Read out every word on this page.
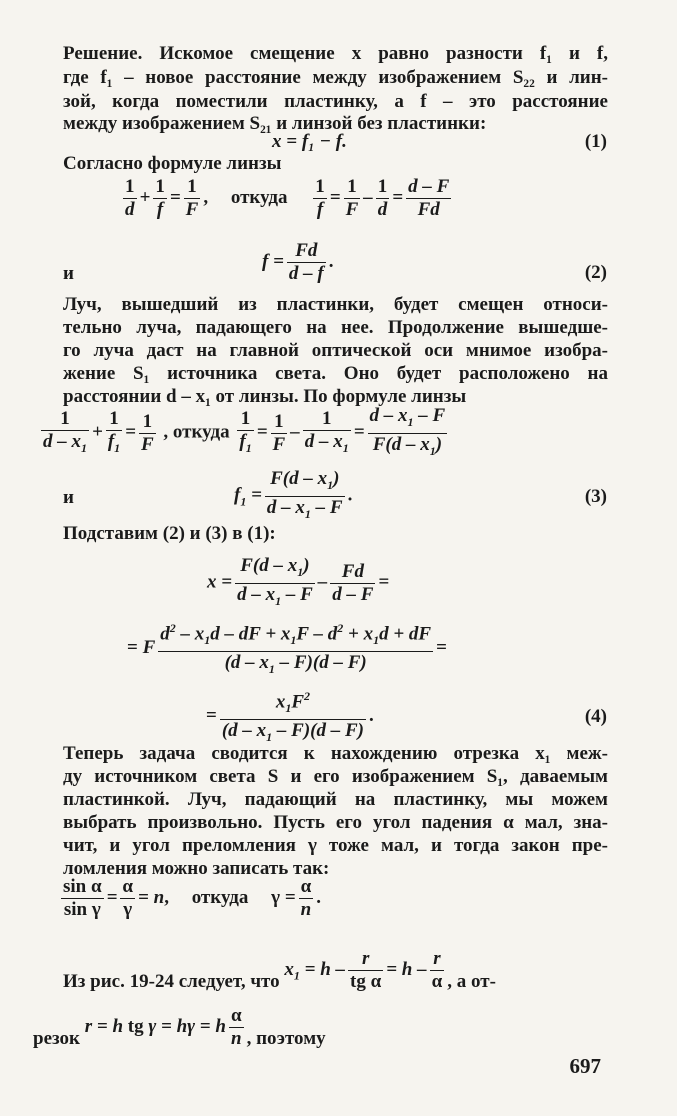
Решение. Искомое смещение x равно разности f₁ и f,
где f₁ – новое расстояние между изображением S₂₂ и лин-
зой, когда поместили пластинку, а f – это расстояние
между изображением S₂₁ и линзой без пластинки:
x = f₁ − f.	(1)
Согласно формуле линзы
$\frac{1}{d} + \frac{1}{f} = \frac{1}{F}$ , откуда $\frac{1}{f} = \frac{1}{F} - \frac{1}{d} = \frac{d - F}{Fd}$
и
$f = \frac{Fd}{d - f}$ .
(2)
Луч, вышедший из пластинки, будет смещен относи-
тельно луча, падающего на нее. Продолжение вышедше-
го луча даст на главной оптической оси мнимое изобра-
жение S₁ источника света. Оно будет расположено на
расстоянии d – x₁ от линзы. По формуле линзы
$\frac{1}{d - x_1} + \frac{1}{f_1} = \frac{1}{F}$ , откуда $\frac{1}{f_1} = \frac{1}{F} - \frac{1}{d - x_1} = \frac{d - x_1 - F}{F(d - x_1)}$
и	$f_1 = \frac{F(d - x_1)}{d - x_1 - F}$ .	(3)
Подставим (2) и (3) в (1):
$x = \frac{F(d - x_1)}{d - x_1 - F} - \frac{Fd}{d - F}$ =
= F $\frac{d^2 - x_1d - dF + x_1F - d^2 + x_1d + dF}{(d - x_1 - F)(d - F)}$ =
= $\frac{x_1F^2}{(d - x_1 - F)(d - F)}$ .	(4)
Теперь задача сводится к нахождению отрезка x₁ меж-
ду источником света S и его изображением S₁, даваемым
пластинкой. Луч, падающий на пластинку, мы можем
выбрать произвольно. Пусть его угол падения α мал, зна-
чит, и угол преломления γ тоже мал, и тогда закон пре-
ломления можно записать так:
$\frac{\text{sin α}}{\text{sin γ}} = \frac{\alpha}{\gamma} = n$, откуда $\gamma = \frac{\alpha}{n}$ .
Из рис. 19-24 следует, что $x_1 = h - \frac{r}{\text{tg α}} = h - \frac{r}{\alpha}$ , а от-
резок r = h tg γ = hγ = h $\frac{\alpha}{n}$ , поэтому
697
